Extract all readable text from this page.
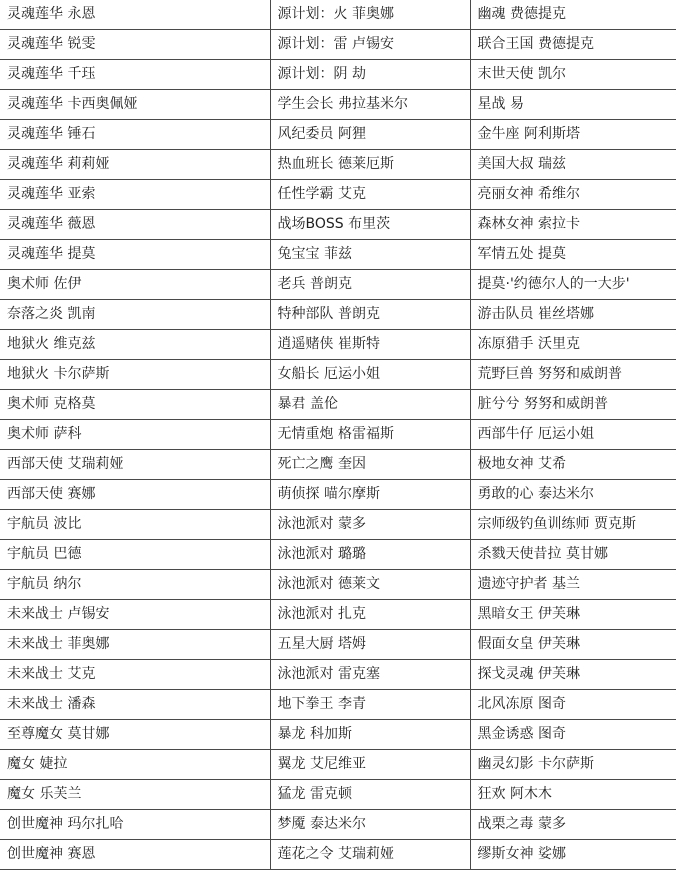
灵魂莲华 永恩	源计划：火 菲奥娜	幽魂 费德提克
灵魂莲华 锐雯	源计划：雷 卢锡安	联合王国 费德提克
灵魂莲华 千珏	源计划：阴 劫	末世天使 凯尔
灵魂莲华 卡西奥佩娅	学生会长 弗拉基米尔	星战 易
灵魂莲华 锤石	风纪委员 阿狸	金牛座 阿利斯塔
灵魂莲华 莉莉娅	热血班长 德莱厄斯	美国大叔 瑞兹
灵魂莲华 亚索	任性学霸 艾克	亮丽女神 希维尔
灵魂莲华 薇恩	战场BOSS 布里茨	森林女神 索拉卡
灵魂莲华 提莫	兔宝宝 菲兹	军情五处 提莫
奥术师 佐伊	老兵 普朗克	提莫·'约德尔人的一大步'
奈落之炎 凯南	特种部队 普朗克	游击队员 崔丝塔娜
地狱火 维克兹	逍遥赌侠 崔斯特	冻原猎手 沃里克
地狱火 卡尔萨斯	女船长 厄运小姐	荒野巨兽 努努和威朗普
奥术师 克格莫	暴君 盖伦	脏兮兮 努努和威朗普
奥术师 萨科	无情重炮 格雷福斯	西部牛仔 厄运小姐
西部天使 艾瑞莉娅	死亡之鹰 奎因	极地女神 艾希
西部天使 赛娜	萌侦探 喵尔摩斯	勇敢的心 泰达米尔
宇航员 波比	泳池派对 蒙多	宗师级钓鱼训练师 贾克斯
宇航员 巴德	泳池派对 璐璐	杀戮天使昔拉 莫甘娜
宇航员 纳尔	泳池派对 德莱文	遗迹守护者 基兰
未来战士 卢锡安	泳池派对 扎克	黑暗女王 伊芙琳
未来战士 菲奥娜	五星大厨 塔姆	假面女皇 伊芙琳
未来战士 艾克	泳池派对 雷克塞	探戈灵魂 伊芙琳
未来战士 潘森	地下拳王 李青	北风冻原 图奇
至尊魔女 莫甘娜	暴龙 科加斯	黑金诱惑 图奇
魔女 婕拉	翼龙 艾尼维亚	幽灵幻影 卡尔萨斯
魔女 乐芙兰	猛龙 雷克顿	狂欢 阿木木
创世魔神 玛尔扎哈	梦魇 泰达米尔	战栗之毒 蒙多
创世魔神 赛恩	莲花之令 艾瑞莉娅	缪斯女神 娑娜
